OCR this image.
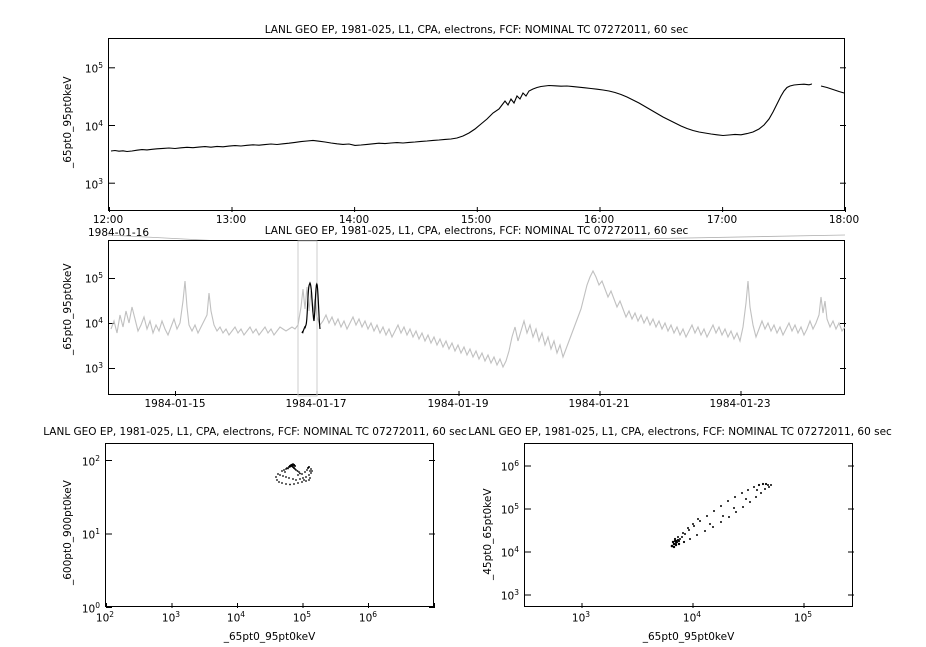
LANL GEO EP, 1981-025, L1, CPA, electrons, FCF: NOMINAL TC 07272011, 60 sec
_65pt0_95pt0keV
$10^3$
$10^4$
$10^5$
12:00	13:00	14:00	15:00	16:00	17:00	18:00
1984-01-16	LANL GEO EP, 1981-025, L1, CPA, electrons, FCF: NOMINAL TC 07272011, 60 sec
_65pt0_95pt0keV
$10^3$
$10^4$
$10^5$
1984-01-15	1984-01-17	1984-01-19	1984-01-21	1984-01-23
LANL GEO EP, 1981-025, L1, CPA, electrons, FCF: NOMINAL TC 07272011, 60 sec
_600pt0_900pt0keV
$10^0$
$10^1$
$10^2$
$10^2$	$10^3$	$10^4$	$10^5$	$10^6$
_65pt0_95pt0keV
LANL GEO EP, 1981-025, L1, CPA, electrons, FCF: NOMINAL TC 07272011, 60 sec
_45pt0_65pt0keV
$10^3$
$10^4$
$10^5$
$10^6$
$10^3$	$10^4$	$10^5$
_65pt0_95pt0keV
